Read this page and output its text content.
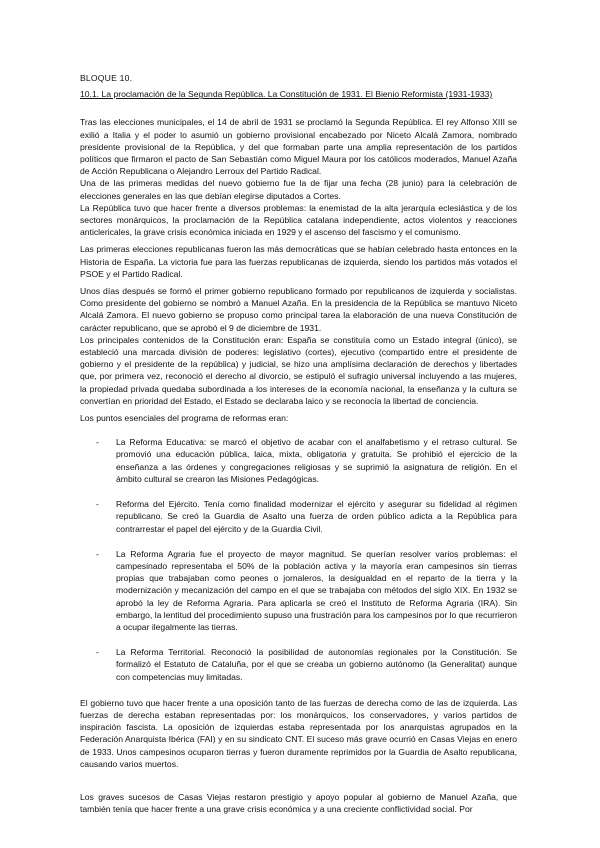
BLOQUE 10.

10.1. La proclamación de la Segunda República. La Constitución de 1931. El Bienio Reformista (1931-1933)

Tras las elecciones municipales, el 14 de abril de 1931 se proclamó la Segunda República. El rey Alfonso XIII se exilió a Italia y el poder lo asumió un gobierno provisional encabezado por Niceto Alcalá Zamora, nombrado presidente provisional de la República, y del que formaban parte una amplia representación de los partidos políticos que firmaron el pacto de San Sebastián como Miguel Maura por los católicos moderados, Manuel Azaña de Acción Republicana o Alejandro Lerroux del Partido Radical.

Una de las primeras medidas del nuevo gobierno fue la de fijar una fecha (28 junio) para la celebración de elecciones generales en las que debían elegirse diputados a Cortes.

La República tuvo que hacer frente a diversos problemas: la enemistad de la alta jerarquía eclesiástica y de los sectores monárquicos, la proclamación de la República catalana independiente, actos violentos y reacciones anticlericales, la grave crisis económica iniciada en 1929 y el ascenso del fascismo y el comunismo.

Las primeras elecciones republicanas fueron las más democráticas que se habían celebrado hasta entonces en la Historia de España. La victoria fue para las fuerzas republicanas de izquierda, siendo los partidos más votados el PSOE y el Partido Radical.

Unos días después se formó el primer gobierno republicano formado por republicanos de izquierda y socialistas. Como presidente del gobierno se nombró a Manuel Azaña. En la presidencia de la República se mantuvo Niceto Alcalá Zamora. El nuevo gobierno se propuso como principal tarea la elaboración de una nueva Constitución de carácter republicano, que se aprobó el 9 de diciembre de 1931.

Los principales contenidos de la Constitución eran: España se constituía como un Estado integral (único), se estableció una marcada división de poderes: legislativo (cortes), ejecutivo (compartido entre el presidente de gobierno y el presidente de la república) y judicial, se hizo una amplísima declaración de derechos y libertades que, por primera vez, reconoció el derecho al divorcio, se estipuló el sufragio universal incluyendo a las mujeres, la propiedad privada quedaba subordinada a los intereses de la economía nacional, la enseñanza y la cultura se convertían en prioridad del Estado, el Estado se declaraba laico y se reconocía la libertad de conciencia.

Los puntos esenciales del programa de reformas eran:

- La Reforma Educativa: se marcó el objetivo de acabar con el analfabetismo y el retraso cultural. Se promovió una educación pública, laica, mixta, obligatoria y gratuita. Se prohibió el ejercicio de la enseñanza a las órdenes y congregaciones religiosas y se suprimió la asignatura de religión. En el ámbito cultural se crearon las Misiones Pedagógicas.
- Reforma del Ejército. Tenía como finalidad modernizar el ejército y asegurar su fidelidad al régimen republicano. Se creó la Guardia de Asalto una fuerza de orden público adicta a la República para contrarrestar el papel del ejército y de la Guardia Civil.
- La Reforma Agraria fue el proyecto de mayor magnitud. Se querían resolver varios problemas: el campesinado representaba el 50% de la población activa y la mayoría eran campesinos sin tierras propias que trabajaban como peones o jornaleros, la desigualdad en el reparto de la tierra y la modernización y mecanización del campo en el que se trabajaba con métodos del siglo XIX. En 1932 se aprobó la ley de Reforma Agraria. Para aplicarla se creó el Instituto de Reforma Agraria (IRA). Sin embargo, la lentitud del procedimiento supuso una frustración para los campesinos por lo que recurrieron a ocupar ilegalmente las tierras.
- La Reforma Territorial. Reconoció la posibilidad de autonomías regionales por la Constitución. Se formalizó el Estatuto de Cataluña, por el que se creaba un gobierno autónomo (la Generalitat) aunque con competencias muy limitadas.

El gobierno tuvo que hacer frente a una oposición tanto de las fuerzas de derecha como de las de izquierda. Las fuerzas de derecha estaban representadas por: los monárquicos, los conservadores, y varios partidos de inspiración fascista. La oposición de izquierdas estaba representada por los anarquistas agrupados en la Federación Anarquista Ibérica (FAI) y en su sindicato CNT. El suceso más grave ocurrió en Casas Viejas en enero de 1933. Unos campesinos ocuparon tierras y fueron duramente reprimidos por la Guardia de Asalto republicana, causando varios muertos.

Los graves sucesos de Casas Viejas restaron prestigio y apoyo popular al gobierno de Manuel Azaña, que también tenía que hacer frente a una grave crisis económica y a una creciente conflictividad social. Por
